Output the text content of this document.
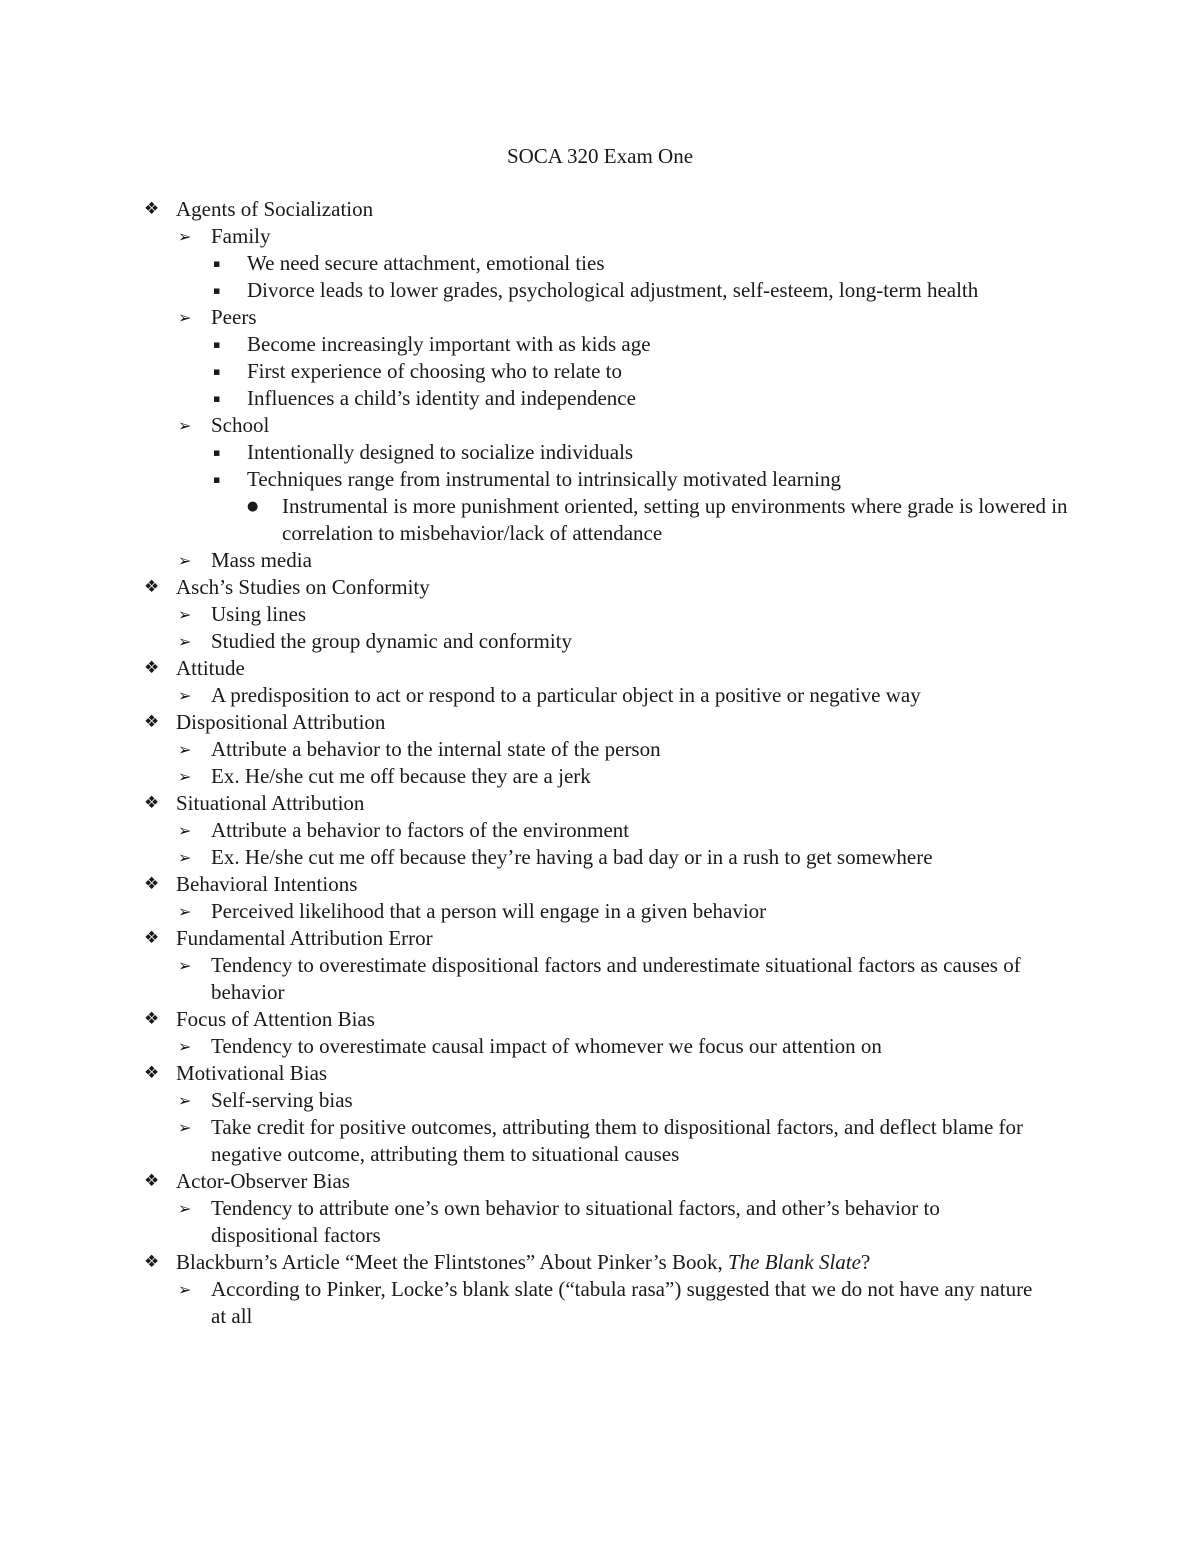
SOCA 320 Exam One
❖ Agents of Socialization
➢ Family
▪ We need secure attachment, emotional ties
▪ Divorce leads to lower grades, psychological adjustment, self-esteem, long-term health
➢ Peers
▪ Become increasingly important with as kids age
▪ First experience of choosing who to relate to
▪ Influences a child’s identity and independence
➢ School
▪ Intentionally designed to socialize individuals
▪ Techniques range from instrumental to intrinsically motivated learning
● Instrumental is more punishment oriented, setting up environments where grade is lowered in correlation to misbehavior/lack of attendance
➢ Mass media
❖ Asch’s Studies on Conformity
➢ Using lines
➢ Studied the group dynamic and conformity
❖ Attitude
➢ A predisposition to act or respond to a particular object in a positive or negative way
❖ Dispositional Attribution
➢ Attribute a behavior to the internal state of the person
➢ Ex. He/she cut me off because they are a jerk
❖ Situational Attribution
➢ Attribute a behavior to factors of the environment
➢ Ex. He/she cut me off because they’re having a bad day or in a rush to get somewhere
❖ Behavioral Intentions
➢ Perceived likelihood that a person will engage in a given behavior
❖ Fundamental Attribution Error
➢ Tendency to overestimate dispositional factors and underestimate situational factors as causes of behavior
❖ Focus of Attention Bias
➢ Tendency to overestimate causal impact of whomever we focus our attention on
❖ Motivational Bias
➢ Self-serving bias
➢ Take credit for positive outcomes, attributing them to dispositional factors, and deflect blame for negative outcome, attributing them to situational causes
❖ Actor-Observer Bias
➢ Tendency to attribute one’s own behavior to situational factors, and other’s behavior to dispositional factors
❖ Blackburn’s Article “Meet the Flintstones” About Pinker’s Book, The Blank Slate?
➢ According to Pinker, Locke’s blank slate (“tabula rasa”) suggested that we do not have any nature at all
